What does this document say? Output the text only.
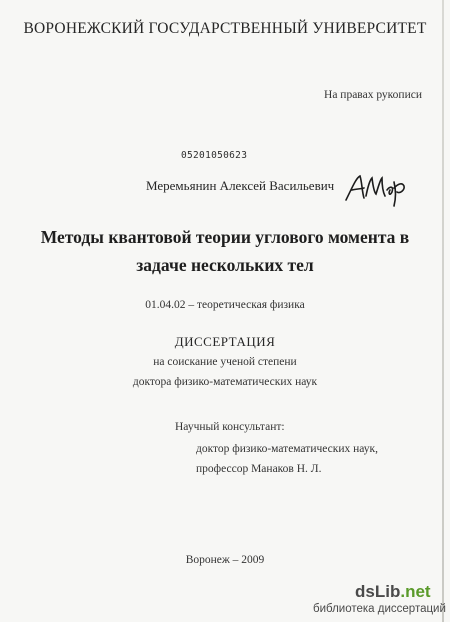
ВОРОНЕЖСКИЙ ГОСУДАРСТВЕННЫЙ УНИВЕРСИТЕТ
На правах рукописи
05201050623
Меремьянин Алексей Васильевич
Методы квантовой теории углового момента в
задаче нескольких тел
01.04.02 – теоретическая физика
ДИССЕРТАЦИЯ
на соискание ученой степени
доктора физико-математических наук
Научный консультант:
доктор физико-математических наук,
профессор Манаков Н. Л.
Воронеж – 2009
dsLib.net
библиотека диссертаций
